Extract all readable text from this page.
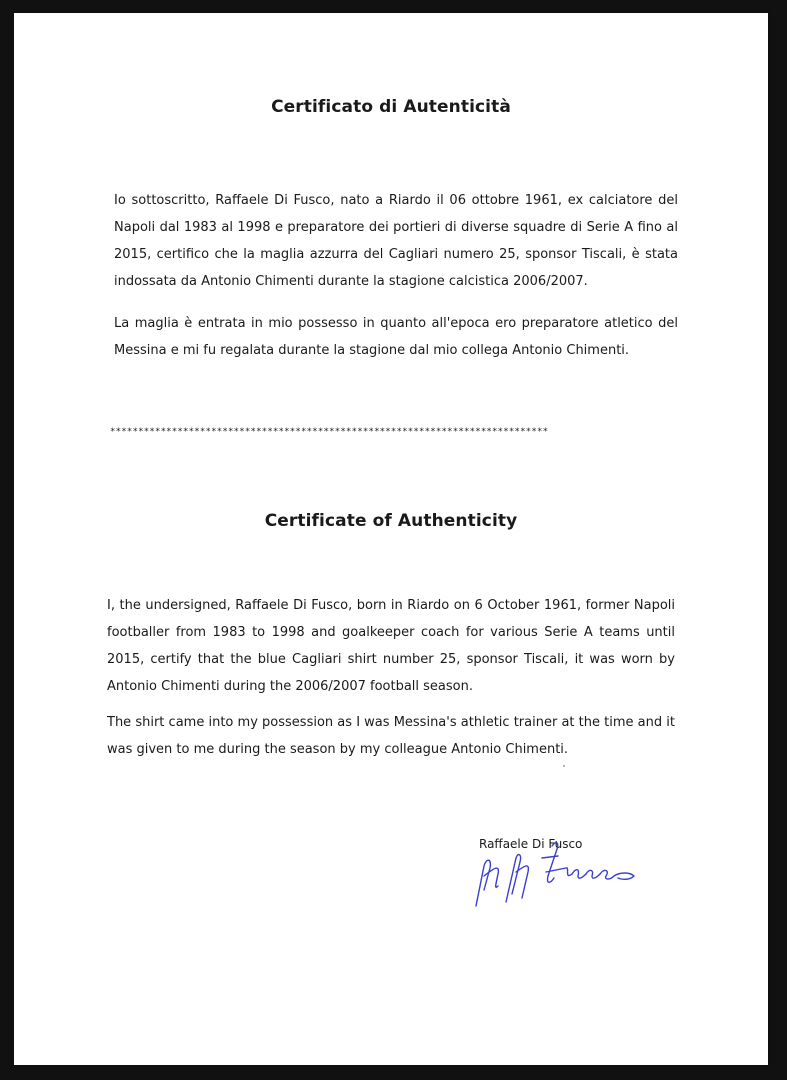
Certificato di Autenticità
Io sottoscritto, Raffaele Di Fusco, nato a Riardo il 06 ottobre 1961, ex calciatore del Napoli dal 1983 al 1998 e preparatore dei portieri di diverse squadre di Serie A fino al 2015, certifico che la maglia azzurra del Cagliari numero 25, sponsor Tiscali, è stata indossata da Antonio Chimenti durante la stagione calcistica 2006/2007.
La maglia è entrata in mio possesso in quanto all'epoca ero preparatore atletico del Messina e mi fu regalata durante la stagione dal mio collega Antonio Chimenti.
******************************************************************************
Certificate of Authenticity
I, the undersigned, Raffaele Di Fusco, born in Riardo on 6 October 1961, former Napoli footballer from 1983 to 1998 and goalkeeper coach for various Serie A teams until 2015, certify that the blue Cagliari shirt number 25, sponsor Tiscali, it was worn by Antonio Chimenti during the 2006/2007 football season.
The shirt came into my possession as I was Messina's athletic trainer at the time and it was given to me during the season by my colleague Antonio Chimenti.
Raffaele Di Fusco
